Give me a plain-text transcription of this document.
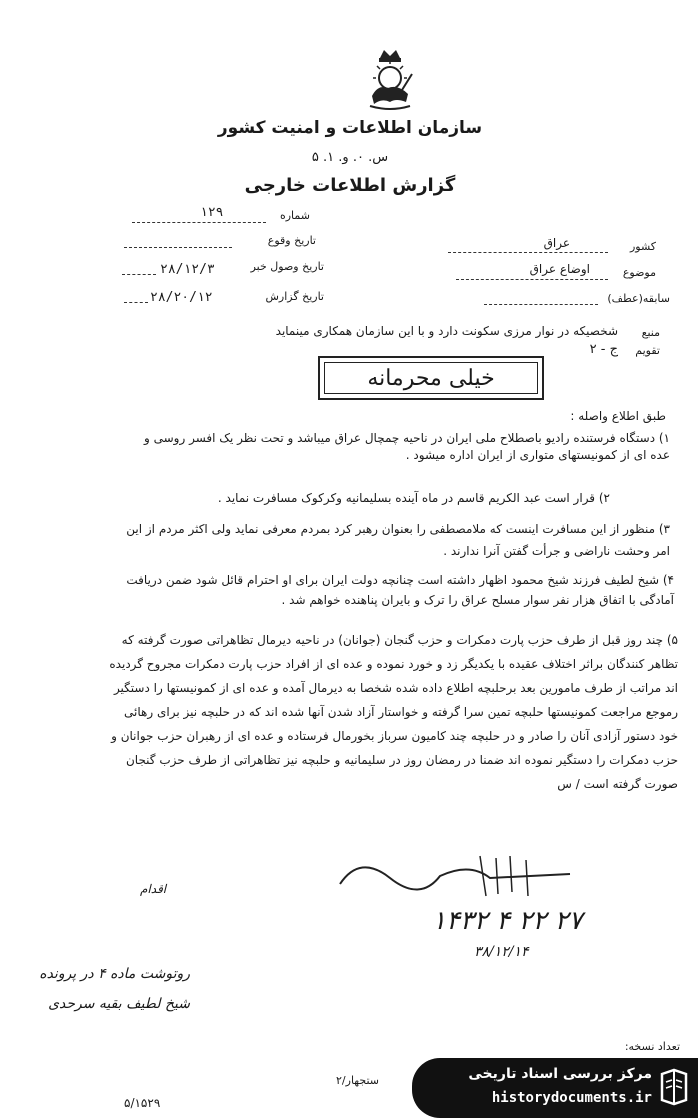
سازمان اطلاعات و امنیت کشور
س. ۰. و. ۱. ۵
گزارش اطلاعات خارجی
شماره
۱۲۹
تاریخ وقوع
تاریخ وصول خبر
۲۸/۱۲/۳
تاریخ گزارش
۲۸/۲۰/۱۲
کشور
عراق
موضوع
اوضاع عراق
سابقه(عطف)
منبع
شخصیکه در نوار مرزی سکونت دارد و با این سازمان همکاری مینماید
تقویم
ج - ۲
خیلی محرمانه
طبق اطلاع واصله :
۱) دستگاه فرستنده رادیو باصطلاح ملی ایران در ناحیه چمچال عراق میباشد و تحت نظر یک افسر روسی و عده ای از کمونیستهای متواری از ایران اداره میشود .
۲) قرار است عبد الکریم قاسم در ماه آینده بسلیمانیه وکرکوک مسافرت نماید .
۳) منظور از این مسافرت اینست که ملامصطفی را بعنوان رهبر کرد بمردم معرفی نماید ولی اکثر مردم از این امر وحشت ناراضی و جرأت گفتن آنرا ندارند .
۴) شیخ لطیف فرزند شیخ محمود اظهار داشته است چنانچه دولت ایران برای او احترام قائل شود ضمن دریافت آمادگی با اتفاق هزار نفر سوار مسلح عراق را ترک و بایران پناهنده خواهم شد .
۵) چند روز قبل از طرف حزب پارت دمکرات و حزب گنجان (جوانان) در ناحیه دیرمال تظاهراتی صورت گرفته که تظاهر کنندگان براثر اختلاف عقیده با یکدیگر زد و خورد نموده و عده ای از افراد حزب پارت دمکرات مجروح گردیده اند مراتب از طرف مامورین بعد برحلبچه اطلاع داده شده شخصا به دیرمال آمده و عده ای از کمونیستها را دستگیر رموجع مراجعت کمونیستها حلبچه تمین سرا گرفته و خواستار آزاد شدن آنها شده اند که در حلبچه نیز برای رهائی خود دستور آزادی آنان را صادر و در حلبچه چند کامیون سرباز بخورمال فرستاده و عده ای از رهبران حزب جوانان و حزب دمکرات را دستگیر نموده اند ضمنا در رمضان روز در سلیمانیه و حلبچه نیز تظاهراتی از طرف حزب گنجان صورت گرفته است / س
۱۴۳۲ ۴ ۲۲ ۲۷
۳۸/۱۲/۱۴
اقدام
روتوشت ماده ۴ در پرونده
شیخ لطیف بقیه سرحدی
تعداد نسخه:
۵/۱۵۲۹
ستجهار/۲	مرکز بررسی اسناد تاریخی
historydocuments.ir
